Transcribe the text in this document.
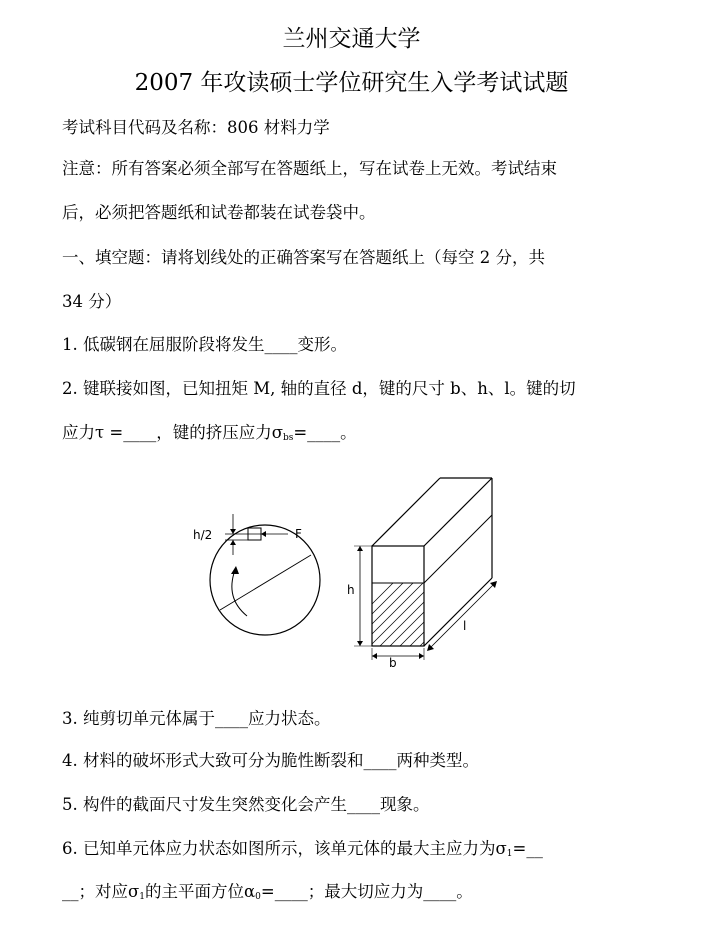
兰州交通大学
2007 年攻读硕士学位研究生入学考试试题
考试科目代码及名称：806 材料力学
注意：所有答案必须全部写在答题纸上，写在试卷上无效。考试结束
后，必须把答题纸和试卷都装在试卷袋中。
一、填空题：请将划线处的正确答案写在答题纸上（每空 2 分，共
34 分）
1. 低碳钢在屈服阶段将发生____变形。
2. 键联接如图，已知扭矩 M, 轴的直径 d，键的尺寸 b、h、l。键的切
应力τ =____，键的挤压应力$\sigma_{bs}=\_\_\_\_$。
h/2	F
h
l
b
3. 纯剪切单元体属于____应力状态。
4. 材料的破坏形式大致可分为脆性断裂和____两种类型。
5. 构件的截面尺寸发生突然变化会产生____现象。
6. 已知单元体应力状态如图所示，该单元体的最大主应力为$\sigma_1=\_\_$
__；对应$\sigma_1$的主平面方位$\alpha_0=\_\_\_\_$；最大切应力为____。
